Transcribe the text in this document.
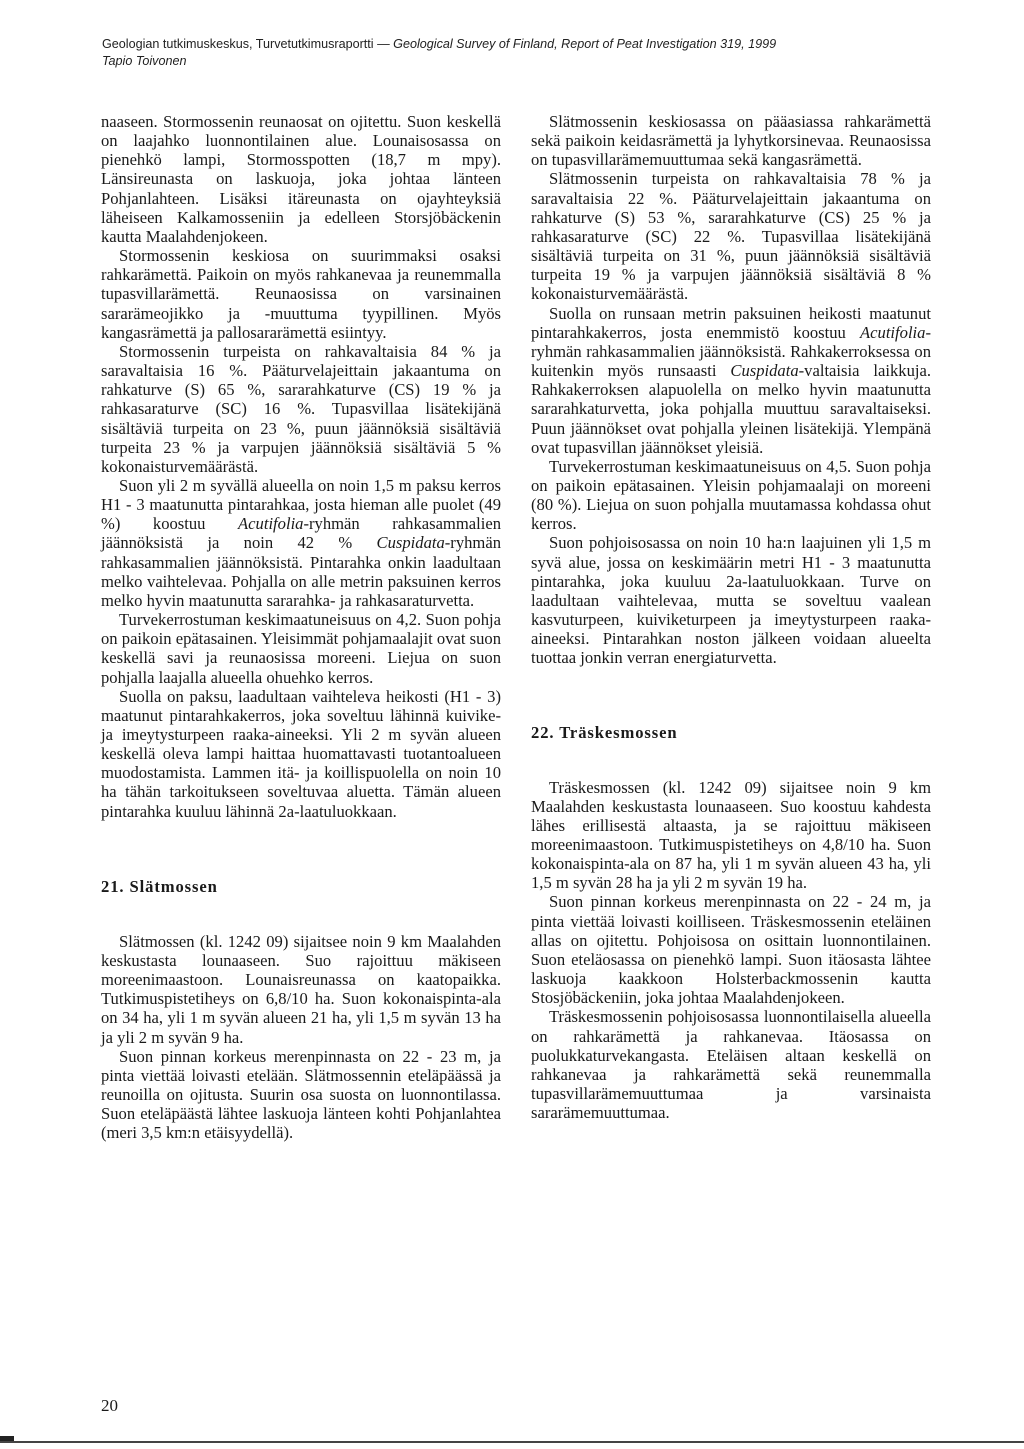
Geologian tutkimuskeskus, Turvetutkimusraportti — Geological Survey of Finland, Report of Peat Investigation 319, 1999
Tapio Toivonen

naaseen. Stormossenin reunaosat on ojitettu. Suon keskellä on laajahko luonnontilainen alue. Lounaisosassa on pienehkö lampi, Stormosspotten (18,7 m mpy). Länsireunasta on laskuoja, joka johtaa länteen Pohjanlahteen. Lisäksi itäreunasta on ojayhteyksiä läheiseen Kalkamosseniin ja edelleen Storsjöbäckenin kautta Maalahdenjokeen.

Stormossenin keskiosa on suurimmaksi osaksi rahkarämettä. Paikoin on myös rahkanevaa ja reunemmalla tupasvillarämettä. Reunaosissa on varsinainen sararämeojikko ja -muuttuma tyypillinen. Myös kangasrämettä ja pallosararämettä esiintyy.

Stormossenin turpeista on rahkavaltaisia 84 % ja saravaltaisia 16 %. Pääturvelajeittain jakaantuma on rahkaturve (S) 65 %, sararahkaturve (CS) 19 % ja rahkasaraturve (SC) 16 %. Tupasvillaa lisätekijänä sisältäviä turpeita on 23 %, puun jäännöksiä sisältäviä turpeita 23 % ja varpujen jäännöksiä sisältäviä 5 % kokonaisturvemäärästä.

Suon yli 2 m syvällä alueella on noin 1,5 m paksu kerros H1 - 3 maatunutta pintarahkaa, josta hieman alle puolet (49 %) koostuu Acutifolia-ryhmän rahkasammalien jäännöksistä ja noin 42 % Cuspidata-ryhmän rahkasammalien jäännöksistä. Pintarahka onkin laadultaan melko vaihtelevaa. Pohjalla on alle metrin paksuinen kerros melko hyvin maatunutta sararahka- ja rahkasaraturvetta.

Turvekerrostuman keskimaatuneisuus on 4,2. Suon pohja on paikoin epätasainen. Yleisimmät pohjamaalajit ovat suon keskellä savi ja reunaosissa moreeni. Liejua on suon pohjalla laajalla alueella ohuehko kerros.

Suolla on paksu, laadultaan vaihteleva heikosti (H1 - 3) maatunut pintarahkakerros, joka soveltuu lähinnä kuivike- ja imeytysturpeen raaka-aineeksi. Yli 2 m syvän alueen keskellä oleva lampi haittaa huomattavasti tuotantoalueen muodostamista. Lammen itä- ja koillispuolella on noin 10 ha tähän tarkoitukseen soveltuvaa aluetta. Tämän alueen pintarahka kuuluu lähinnä 2a-laatuluokkaan.

21. Slätmossen

Slätmossen (kl. 1242 09) sijaitsee noin 9 km Maalahden keskustasta lounaaseen. Suo rajoittuu mäkiseen moreenimaastoon. Lounaisreunassa on kaatopaikka. Tutkimuspistetiheys on 6,8/10 ha. Suon kokonaispinta-ala on 34 ha, yli 1 m syvän alueen 21 ha, yli 1,5 m syvän 13 ha ja yli 2 m syvän 9 ha.

Suon pinnan korkeus merenpinnasta on 22 - 23 m, ja pinta viettää loivasti etelään. Slätmossennin eteläpäässä ja reunoilla on ojitusta. Suurin osa suosta on luonnontilassa. Suon eteläpäästä lähtee laskuoja länteen kohti Pohjanlahtea (meri 3,5 km:n etäisyydellä).

Slätmossenin keskiosassa on pääasiassa rahkarämettä sekä paikoin keidasrämettä ja lyhytkorsinevaa. Reunaosissa on tupasvillarämemuuttumaa sekä kangasrämettä.

Slätmossenin turpeista on rahkavaltaisia 78 % ja saravaltaisia 22 %. Pääturvelajeittain jakaantuma on rahkaturve (S) 53 %, sararahkaturve (CS) 25 % ja rahkasaraturve (SC) 22 %. Tupasvillaa lisätekijänä sisältäviä turpeita on 31 %, puun jäännöksiä sisältäviä turpeita 19 % ja varpujen jäännöksiä sisältäviä 8 % kokonaisturvemäärästä.

Suolla on runsaan metrin paksuinen heikosti maatunut pintarahkakerros, josta enemmistö koostuu Acutifolia-ryhmän rahkasammalien jäännöksistä. Rahkakerroksessa on kuitenkin myös runsaasti Cuspidata-valtaisia laikkuja. Rahkakerroksen alapuolella on melko hyvin maatunutta sararahkaturvetta, joka pohjalla muuttuu saravaltaiseksi. Puun jäännökset ovat pohjalla yleinen lisätekijä. Ylempänä ovat tupasvillan jäännökset yleisiä.

Turvekerrostuman keskimaatuneisuus on 4,5. Suon pohja on paikoin epätasainen. Yleisin pohjamaalaji on moreeni (80 %). Liejua on suon pohjalla muutamassa kohdassa ohut kerros.

Suon pohjoisosassa on noin 10 ha:n laajuinen yli 1,5 m syvä alue, jossa on keskimäärin metri H1 - 3 maatunutta pintarahka, joka kuuluu 2a-laatuluokkaan. Turve on laadultaan vaihtelevaa, mutta se soveltuu vaalean kasvuturpeen, kuiviketurpeen ja imeytysturpeen raaka-aineeksi. Pintarahkan noston jälkeen voidaan alueelta tuottaa jonkin verran energiaturvetta.

22. Träskesmossen

Träskesmossen (kl. 1242 09) sijaitsee noin 9 km Maalahden keskustasta lounaaseen. Suo koostuu kahdesta lähes erillisestä altaasta, ja se rajoittuu mäkiseen moreenimaastoon. Tutkimuspistetiheys on 4,8/10 ha. Suon kokonaispinta-ala on 87 ha, yli 1 m syvän alueen 43 ha, yli 1,5 m syvän 28 ha ja yli 2 m syvän 19 ha.

Suon pinnan korkeus merenpinnasta on 22 - 24 m, ja pinta viettää loivasti koilliseen. Träskesmossenin eteläinen allas on ojitettu. Pohjoisosa on osittain luonnontilainen. Suon eteläosassa on pienehkö lampi. Suon itäosasta lähtee laskuoja kaakkoon Holsterbackmossenin kautta Stosjöbäckeniin, joka johtaa Maalahdenjokeen.

Träskesmossenin pohjoisosassa luonnontilaisella alueella on rahkarämettä ja rahkanevaa. Itäosassa on puolukkaturvekangasta. Eteläisen altaan keskellä on rahkanevaa ja rahkarämettä sekä reunemmalla tupasvillarämemuuttumaa ja varsinaista sararämemuuttumaa.

20
